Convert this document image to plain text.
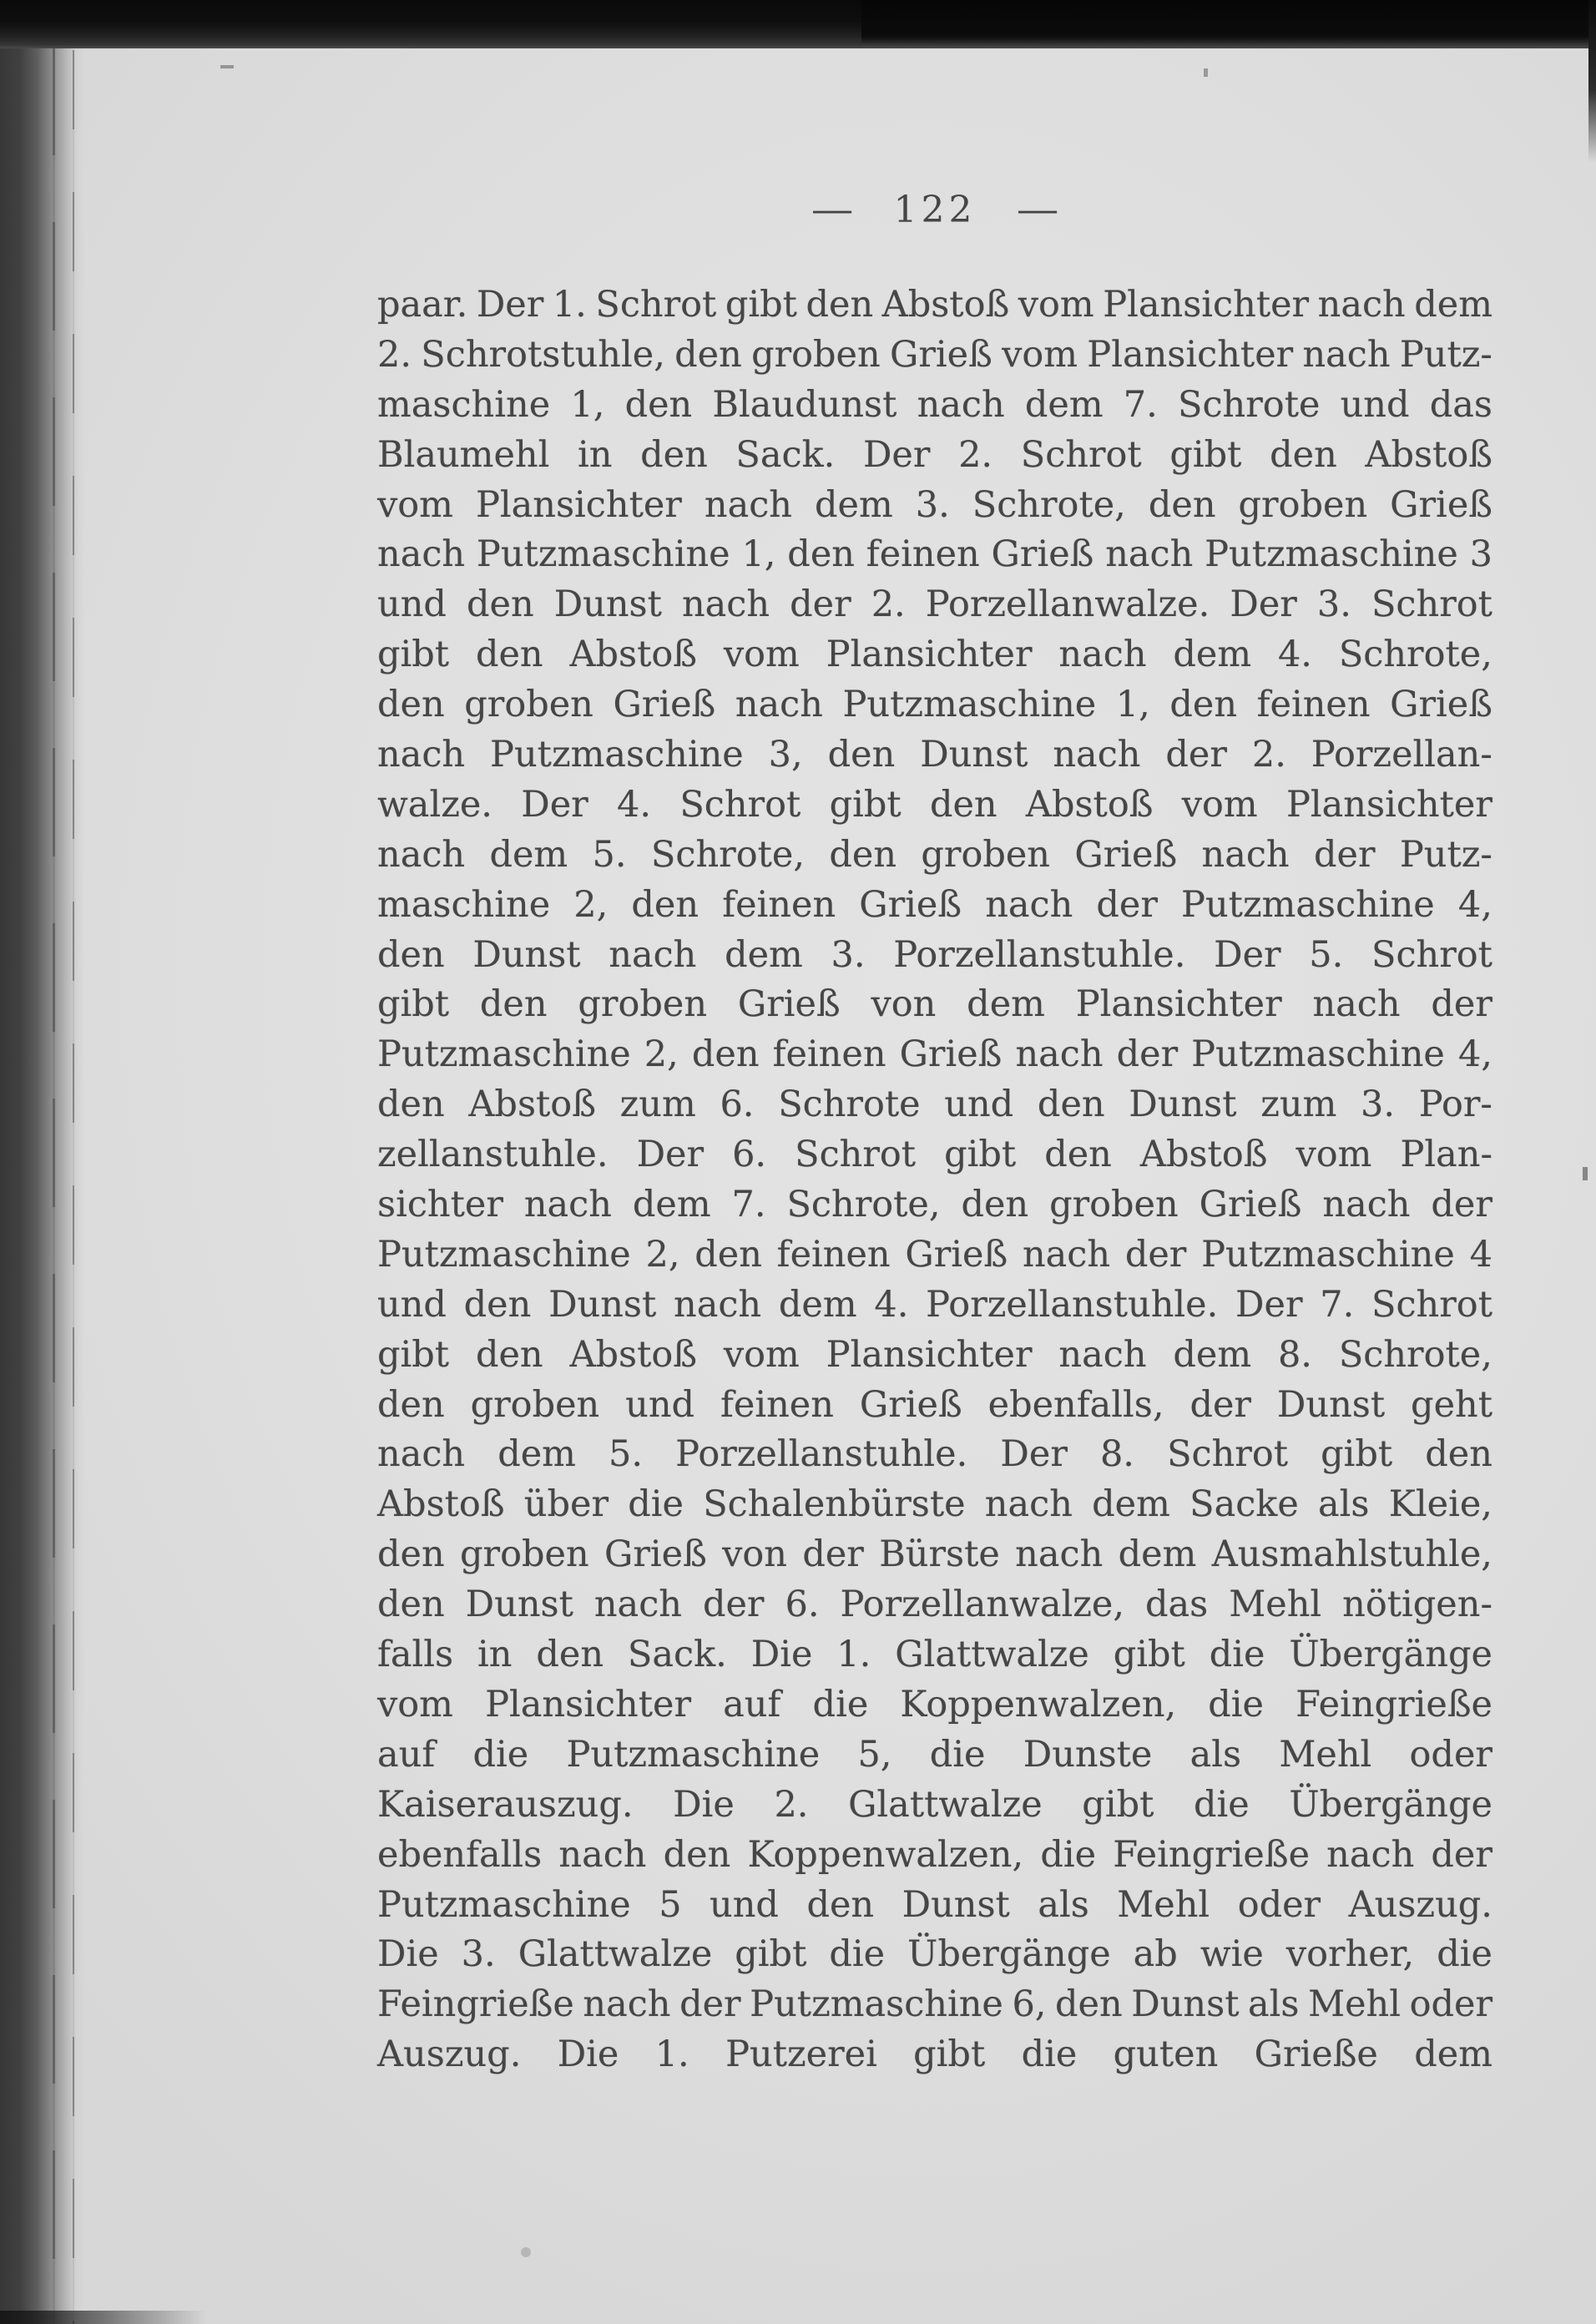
— 122 —
paar. Der 1. Schrot gibt den Abstoß vom Plansichter nach dem
2. Schrotstuhle, den groben Grieß vom Plansichter nach Putz-
maschine 1, den Blaudunst nach dem 7. Schrote und das
Blaumehl in den Sack. Der 2. Schrot gibt den Abstoß
vom Plansichter nach dem 3. Schrote, den groben Grieß
nach Putzmaschine 1, den feinen Grieß nach Putzmaschine 3
und den Dunst nach der 2. Porzellanwalze. Der 3. Schrot
gibt den Abstoß vom Plansichter nach dem 4. Schrote,
den groben Grieß nach Putzmaschine 1, den feinen Grieß
nach Putzmaschine 3, den Dunst nach der 2. Porzellan-
walze. Der 4. Schrot gibt den Abstoß vom Plansichter
nach dem 5. Schrote, den groben Grieß nach der Putz-
maschine 2, den feinen Grieß nach der Putzmaschine 4,
den Dunst nach dem 3. Porzellanstuhle. Der 5. Schrot
gibt den groben Grieß von dem Plansichter nach der
Putzmaschine 2, den feinen Grieß nach der Putzmaschine 4,
den Abstoß zum 6. Schrote und den Dunst zum 3. Por-
zellanstuhle. Der 6. Schrot gibt den Abstoß vom Plan-
sichter nach dem 7. Schrote, den groben Grieß nach der
Putzmaschine 2, den feinen Grieß nach der Putzmaschine 4
und den Dunst nach dem 4. Porzellanstuhle. Der 7. Schrot
gibt den Abstoß vom Plansichter nach dem 8. Schrote,
den groben und feinen Grieß ebenfalls, der Dunst geht
nach dem 5. Porzellanstuhle. Der 8. Schrot gibt den
Abstoß über die Schalenbürste nach dem Sacke als Kleie,
den groben Grieß von der Bürste nach dem Ausmahlstuhle,
den Dunst nach der 6. Porzellanwalze, das Mehl nötigen-
falls in den Sack. Die 1. Glattwalze gibt die Übergänge
vom Plansichter auf die Koppenwalzen, die Feingrieße
auf die Putzmaschine 5, die Dunste als Mehl oder
Kaiserauszug. Die 2. Glattwalze gibt die Übergänge
ebenfalls nach den Koppenwalzen, die Feingrieße nach der
Putzmaschine 5 und den Dunst als Mehl oder Auszug.
Die 3. Glattwalze gibt die Übergänge ab wie vorher, die
Feingrieße nach der Putzmaschine 6, den Dunst als Mehl oder
Auszug. Die 1. Putzerei gibt die guten Grieße dem
